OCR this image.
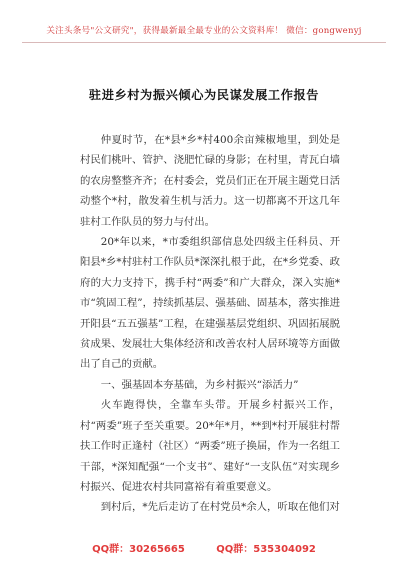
关注头条号"公文研究"，获得最新最全最专业的公文资料库！ 微信：gongwenyj
驻进乡村为振兴倾心为民谋发展工作报告

仲夏时节，在*县*乡*村400余亩辣椒地里，到处是村民们桃叶、管护、浇肥忙碌的身影；在村里，青瓦白墙的农房整整齐齐；在村委会，党员们正在开展主题党日活动整个*村，散发着生机与活力。这一切都离不开这几年驻村工作队员的努力与付出。

20*年以来，*市委组织部信息处四级主任科员、开阳县*乡*村驻村工作队员*深深扎根于此，在*乡党委、政府的大力支持下，携手村“两委”和广大群众，深入实施*市“筑固工程”，持续抓基层、强基础、固基本，落实推进开阳县“五五强基”工程，在建强基层党组织、巩固拓展脱贫成果、发展壮大集体经济和改善农村人居环境等方面做出了自己的贡献。

一、强基固本夯基础，为乡村振兴“添活力”

火车跑得快，全靠车头带。开展乡村振兴工作，村“两委”班子至关重要。20*年*月，**到*村开展驻村帮扶工作时正逢村（社区）“两委”班子换届，作为一名组工干部，*深知配强“一个支书”、建好“一支队伍”对实现乡村振兴、促进农村共同富裕有着重要意义。

到村后，*先后走访了在村党员*余人，听取在他们对

QQ群：30265665	QQ群：535304092
